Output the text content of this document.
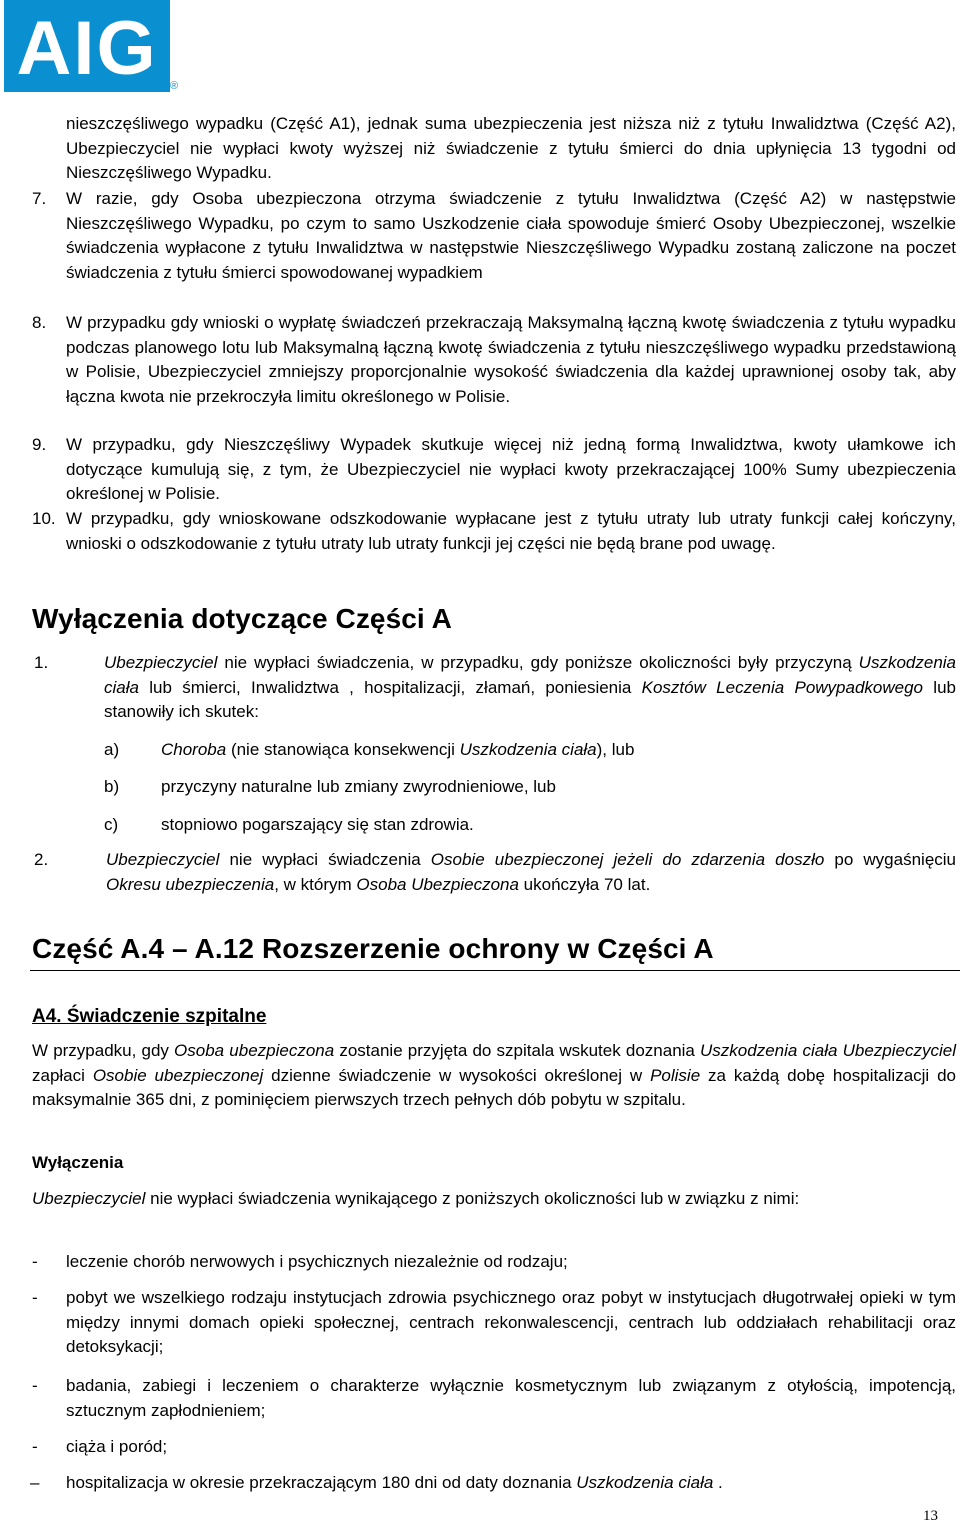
AIG ®
nieszczęśliwego wypadku (Część A1), jednak suma ubezpieczenia jest niższa niż z tytułu Inwalidztwa (Część A2), Ubezpieczyciel nie wypłaci kwoty wyższej niż świadczenie z tytułu śmierci do dnia upłynięcia 13 tygodni od Nieszczęśliwego Wypadku.
7. W razie, gdy Osoba ubezpieczona otrzyma świadczenie z tytułu Inwalidztwa (Część A2) w następstwie Nieszczęśliwego Wypadku, po czym to samo Uszkodzenie ciała spowoduje śmierć Osoby Ubezpieczonej, wszelkie świadczenia wypłacone z tytułu Inwalidztwa w następstwie Nieszczęśliwego Wypadku zostaną zaliczone na poczet świadczenia z tytułu śmierci spowodowanej wypadkiem
8. W przypadku gdy wnioski o wypłatę świadczeń przekraczają Maksymalną łączną kwotę świadczenia z tytułu wypadku podczas planowego lotu lub Maksymalną łączną kwotę świadczenia z tytułu nieszczęśliwego wypadku przedstawioną w Polisie, Ubezpieczyciel zmniejszy proporcjonalnie wysokość świadczenia dla każdej uprawnionej osoby tak, aby łączna kwota nie przekroczyła limitu określonego w Polisie.
9. W przypadku, gdy Nieszczęśliwy Wypadek skutkuje więcej niż jedną formą Inwalidztwa, kwoty ułamkowe ich dotyczące kumulują się, z tym, że Ubezpieczyciel nie wypłaci kwoty przekraczającej 100% Sumy ubezpieczenia określonej w Polisie.
10. W przypadku, gdy wnioskowane odszkodowanie wypłacane jest z tytułu utraty lub utraty funkcji całej kończyny, wnioski o odszkodowanie z tytułu utraty lub utraty funkcji jej części nie będą brane pod uwagę.
Wyłączenia dotyczące Części A
1.	Ubezpieczyciel nie wypłaci świadczenia, w przypadku, gdy poniższe okoliczności były przyczyną Uszkodzenia ciała lub śmierci, Inwalidztwa , hospitalizacji, złamań, poniesienia Kosztów Leczenia Powypadkowego lub stanowiły ich skutek:
a) Choroba (nie stanowiąca konsekwencji Uszkodzenia ciała), lub
b) przyczyny naturalne lub zmiany zwyrodnieniowe, lub
c)	stopniowo pogarszający się stan zdrowia.
2.	Ubezpieczyciel nie wypłaci świadczenia Osobie ubezpieczonej jeżeli do zdarzenia doszło po wygaśnięciu Okresu ubezpieczenia, w którym Osoba Ubezpieczona ukończyła 70 lat.
Część A.4 – A.12 Rozszerzenie ochrony w Części A
A4. Świadczenie szpitalne
W przypadku, gdy Osoba ubezpieczona zostanie przyjęta do szpitala wskutek doznania Uszkodzenia ciała Ubezpieczyciel zapłaci Osobie ubezpieczonej dzienne świadczenie w wysokości określonej w Polisie za każdą dobę hospitalizacji do maksymalnie 365 dni, z pominięciem pierwszych trzech pełnych dób pobytu w szpitalu.
Wyłączenia
Ubezpieczyciel nie wypłaci świadczenia wynikającego z poniższych okoliczności lub w związku z nimi:
- leczenie chorób nerwowych i psychicznych niezależnie od rodzaju;
- pobyt we wszelkiego rodzaju instytucjach zdrowia psychicznego oraz pobyt w instytucjach długotrwałej opieki w tym między innymi domach opieki społecznej, centrach rekonwalescencji, centrach lub oddziałach rehabilitacji oraz detoksykacji;
- badania, zabiegi i leczeniem o charakterze wyłącznie kosmetycznym lub związanym z otyłością, impotencją, sztucznym zapłodnieniem;
- ciąża i poród;
– hospitalizacja w okresie przekraczającym 180 dni od daty doznania Uszkodzenia ciała .
13
